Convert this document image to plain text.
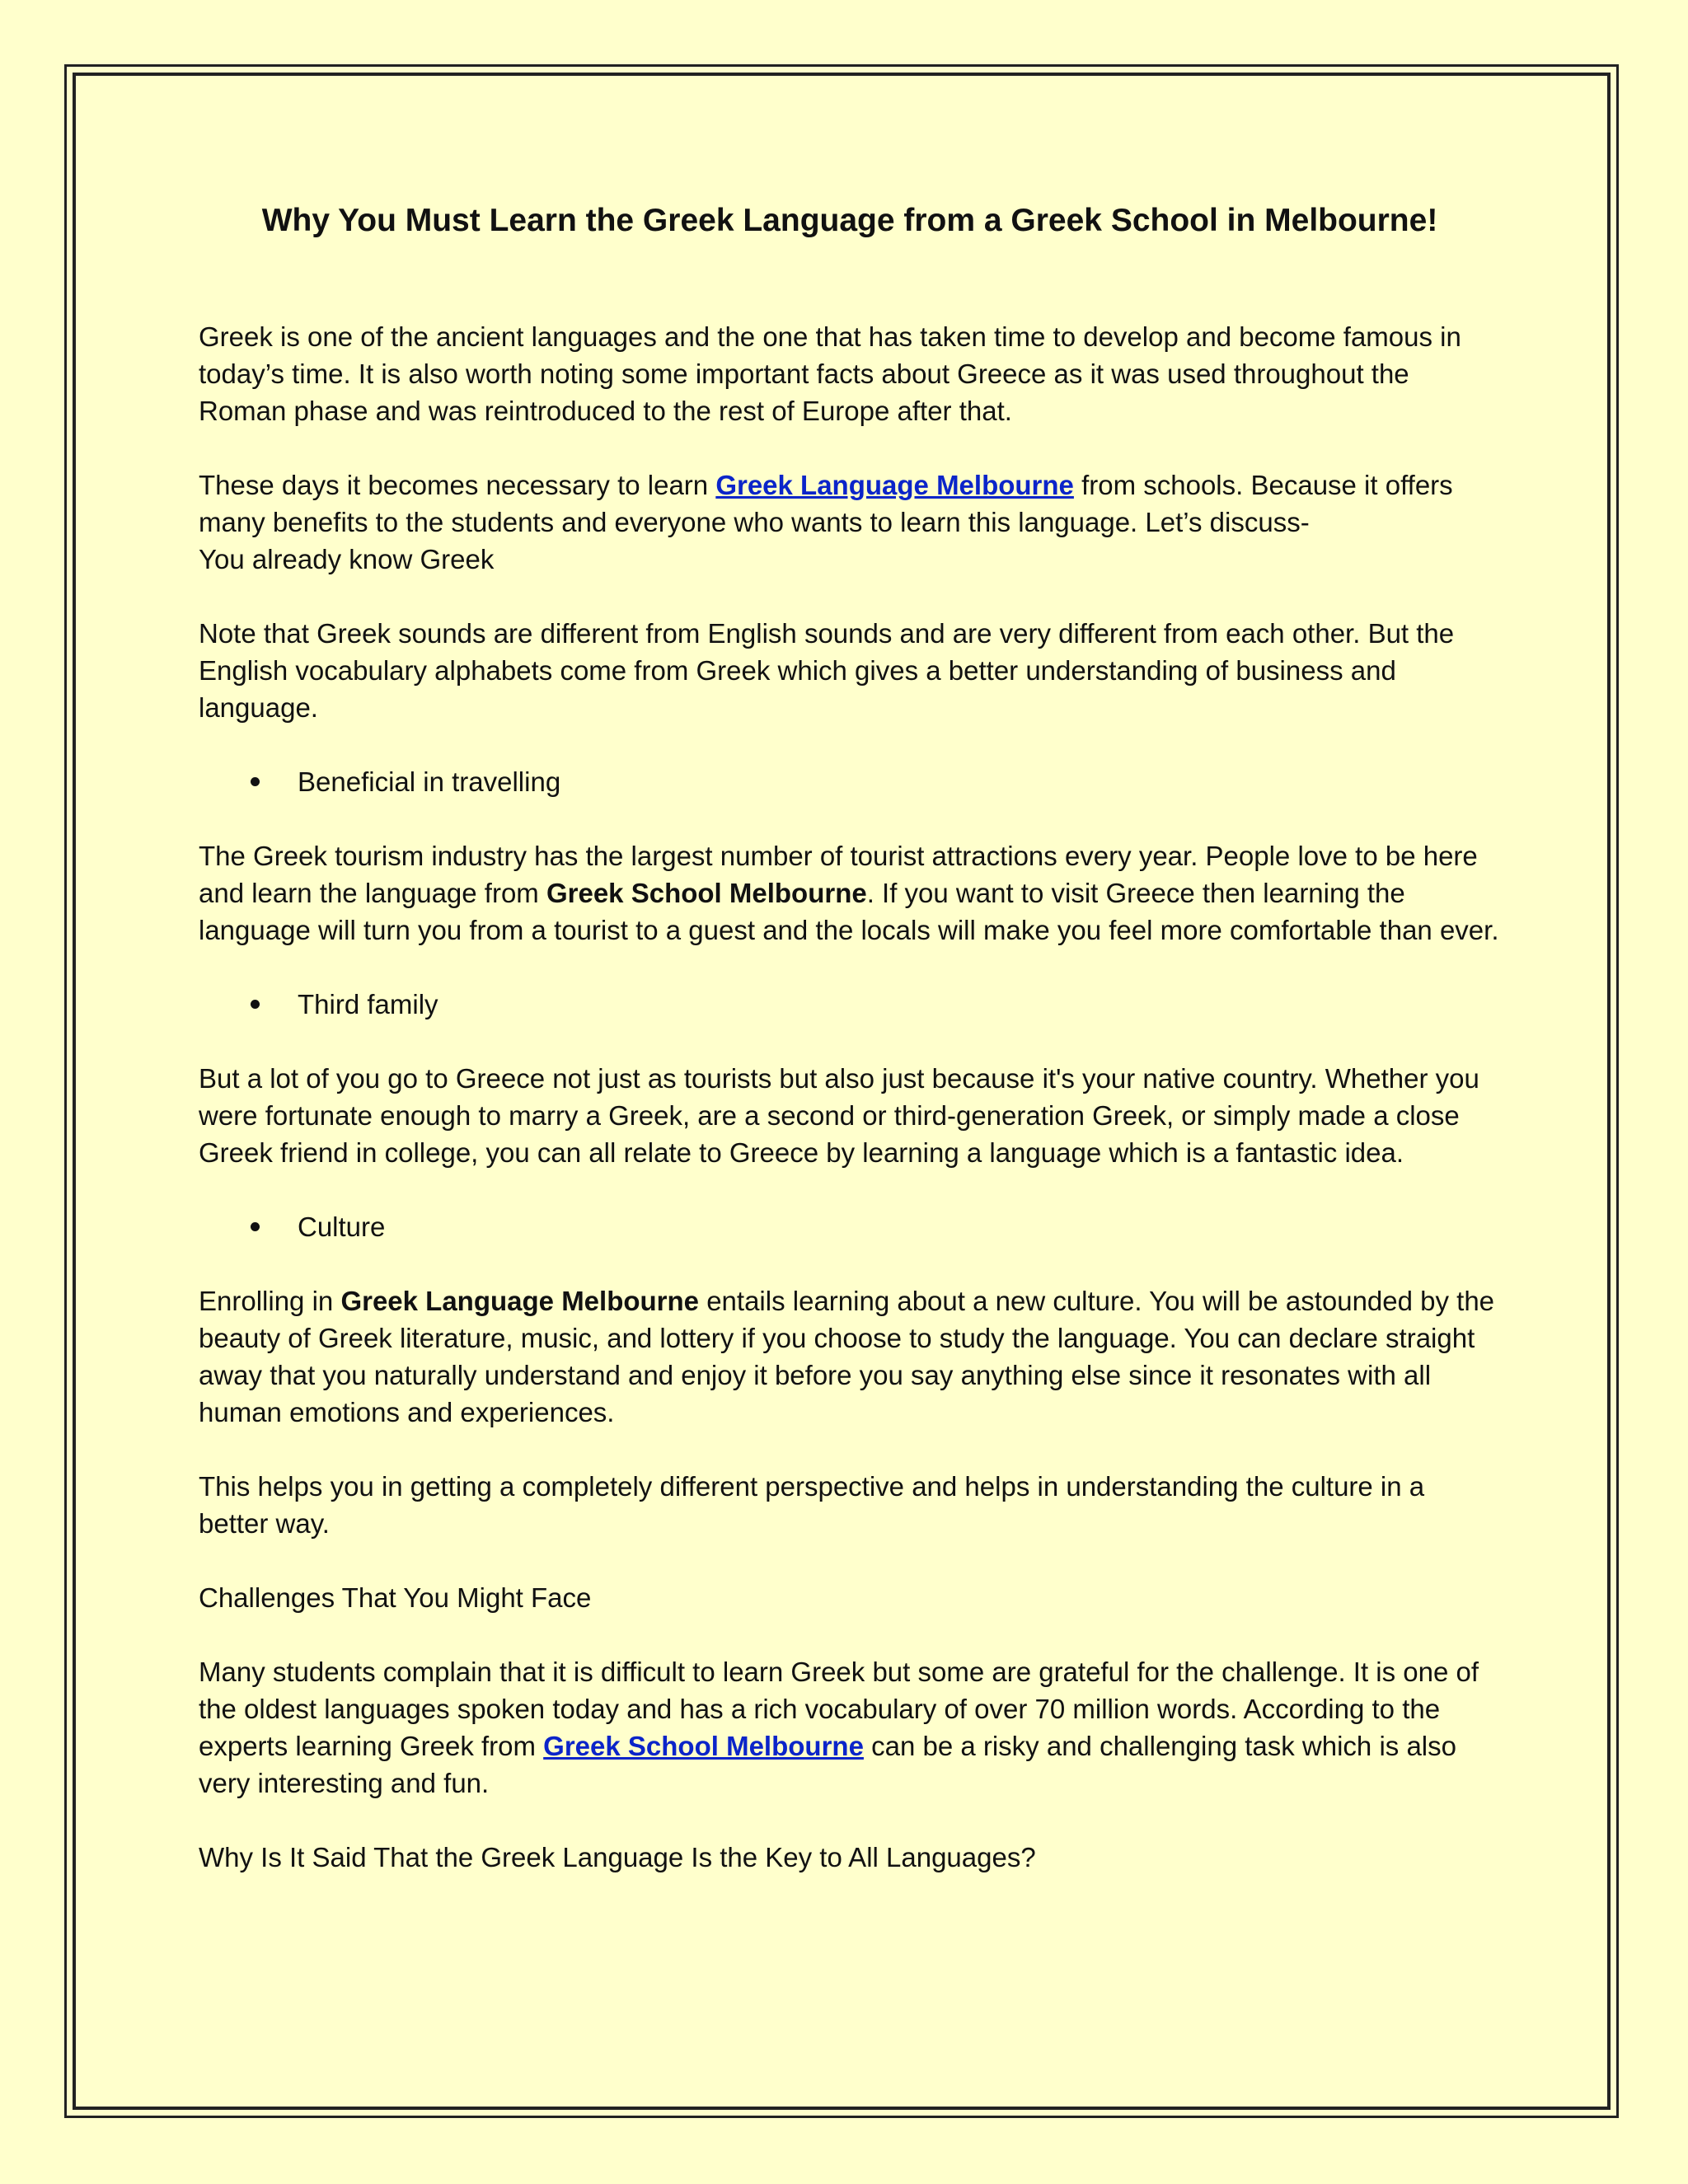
Why You Must Learn the Greek Language from a Greek School in Melbourne!

Greek is one of the ancient languages and the one that has taken time to develop and become famous in today’s time. It is also worth noting some important facts about Greece as it was used throughout the Roman phase and was reintroduced to the rest of Europe after that.

These days it becomes necessary to learn Greek Language Melbourne from schools. Because it offers many benefits to the students and everyone who wants to learn this language. Let’s discuss-

You already know Greek

Note that Greek sounds are different from English sounds and are very different from each other. But the English vocabulary alphabets come from Greek which gives a better understanding of business and language.

Beneficial in travelling

The Greek tourism industry has the largest number of tourist attractions every year. People love to be here and learn the language from Greek School Melbourne. If you want to visit Greece then learning the language will turn you from a tourist to a guest and the locals will make you feel more comfortable than ever.

Third family

But a lot of you go to Greece not just as tourists but also just because it's your native country. Whether you were fortunate enough to marry a Greek, are a second or third-generation Greek, or simply made a close Greek friend in college, you can all relate to Greece by learning a language which is a fantastic idea.

Culture

Enrolling in Greek Language Melbourne entails learning about a new culture. You will be astounded by the beauty of Greek literature, music, and lottery if you choose to study the language. You can declare straight away that you naturally understand and enjoy it before you say anything else since it resonates with all human emotions and experiences.

This helps you in getting a completely different perspective and helps in understanding the culture in a better way.

Challenges That You Might Face

Many students complain that it is difficult to learn Greek but some are grateful for the challenge. It is one of the oldest languages spoken today and has a rich vocabulary of over 70 million words. According to the experts learning Greek from Greek School Melbourne can be a risky and challenging task which is also very interesting and fun.

Why Is It Said That the Greek Language Is the Key to All Languages?
